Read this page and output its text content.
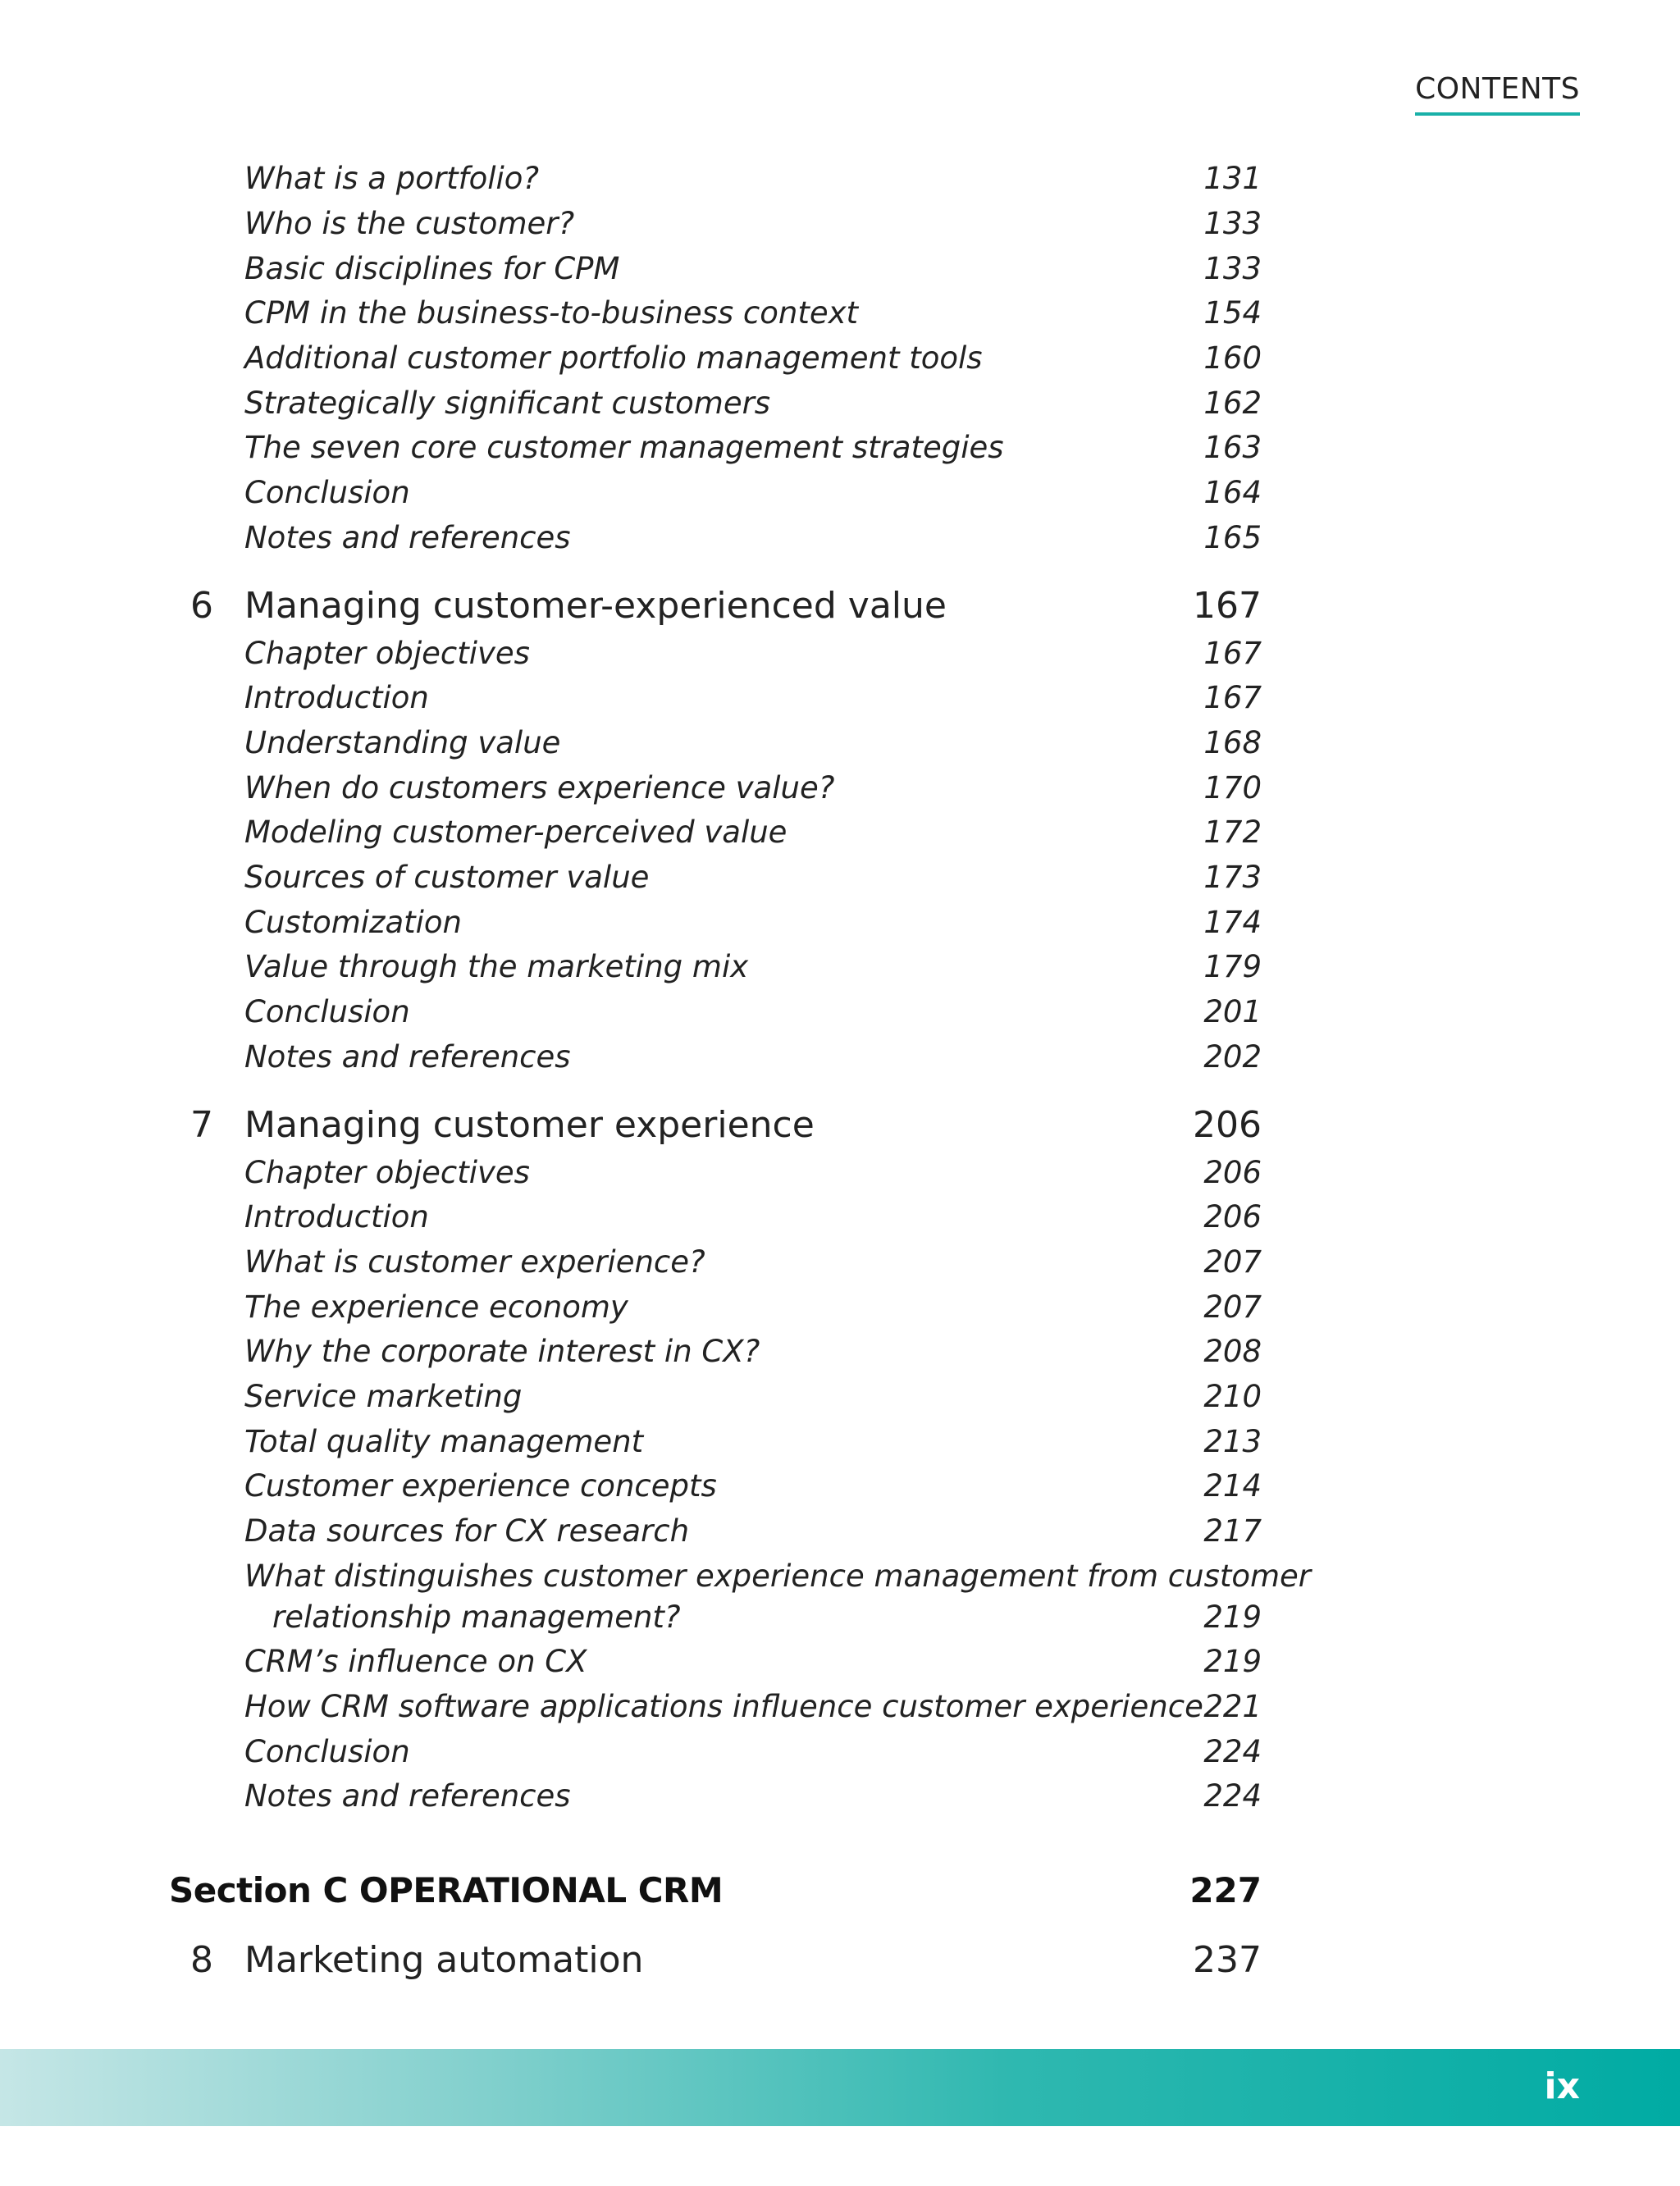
CONTENTS
What is a portfolio?	131
Who is the customer?	133
Basic disciplines for CPM	133
CPM in the business-to-business context	154
Additional customer portfolio management tools	160
Strategically significant customers	162
The seven core customer management strategies	163
Conclusion	164
Notes and references	165
6 Managing customer-experienced value	167
Chapter objectives	167
Introduction	167
Understanding value	168
When do customers experience value?	170
Modeling customer-perceived value	172
Sources of customer value	173
Customization	174
Value through the marketing mix	179
Conclusion	201
Notes and references	202
7 Managing customer experience	206
Chapter objectives	206
Introduction	206
What is customer experience?	207
The experience economy	207
Why the corporate interest in CX?	208
Service marketing	210
Total quality management	213
Customer experience concepts	214
Data sources for CX research	217
What distinguishes customer experience management from customer
relationship management?	219
CRM’s influence on CX	219
How CRM software applications influence customer experience 221
Conclusion	224
Notes and references	224
Section C OPERATIONAL CRM	227
8 Marketing automation	237
ix
